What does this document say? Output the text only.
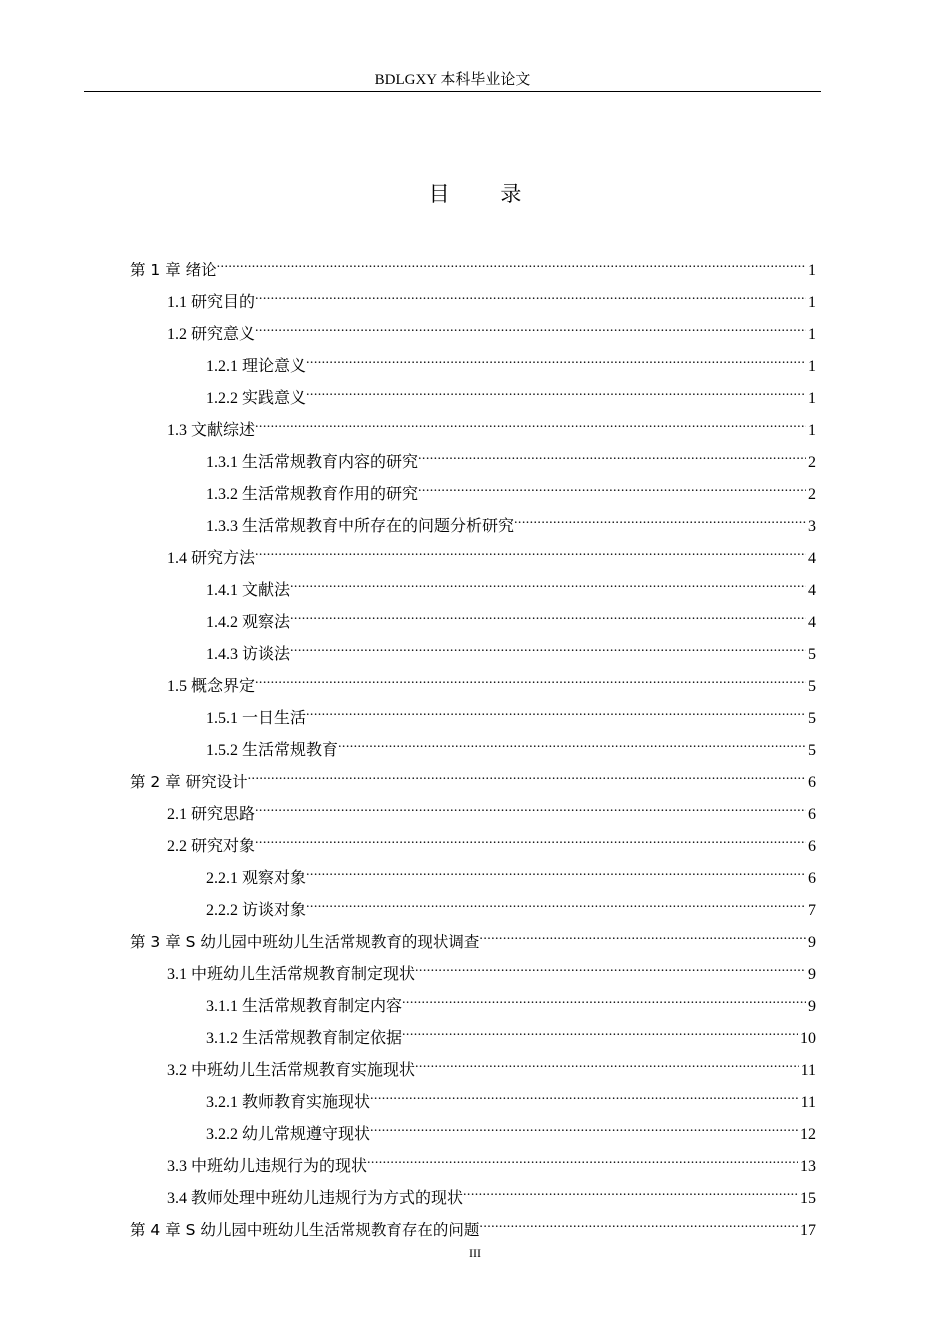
BDLGXY 本科毕业论文
目 录
第 1 章 绪论 .....	1
1.1 研究目的 .....	1
1.2 研究意义 .....	1
1.2.1 理论意义 .....	1
1.2.2 实践意义 .....	1
1.3 文献综述 .....	1
1.3.1 生活常规教育内容的研究 .....	2
1.3.2 生活常规教育作用的研究 .....	2
1.3.3 生活常规教育中所存在的问题分析研究 .....	3
1.4 研究方法 .....	4
1.4.1 文献法 .....	4
1.4.2 观察法 .....	4
1.4.3 访谈法 .....	5
1.5 概念界定 .....	5
1.5.1 一日生活 .....	5
1.5.2 生活常规教育 .....	5
第 2 章 研究设计 .....	6
2.1 研究思路 .....	6
2.2 研究对象 .....	6
2.2.1 观察对象 .....	6
2.2.2 访谈对象 .....	7
第 3 章 S 幼儿园中班幼儿生活常规教育的现状调查 .....	9
3.1 中班幼儿生活常规教育制定现状 .....	9
3.1.1 生活常规教育制定内容 .....	9
3.1.2 生活常规教育制定依据 .....	10
3.2 中班幼儿生活常规教育实施现状 .....	11
3.2.1 教师教育实施现状 .....	11
3.2.2 幼儿常规遵守现状 .....	12
3.3 中班幼儿违规行为的现状 .....	13
3.4 教师处理中班幼儿违规行为方式的现状 .....	15
第 4 章 S 幼儿园中班幼儿生活常规教育存在的问题 .....	17
III
